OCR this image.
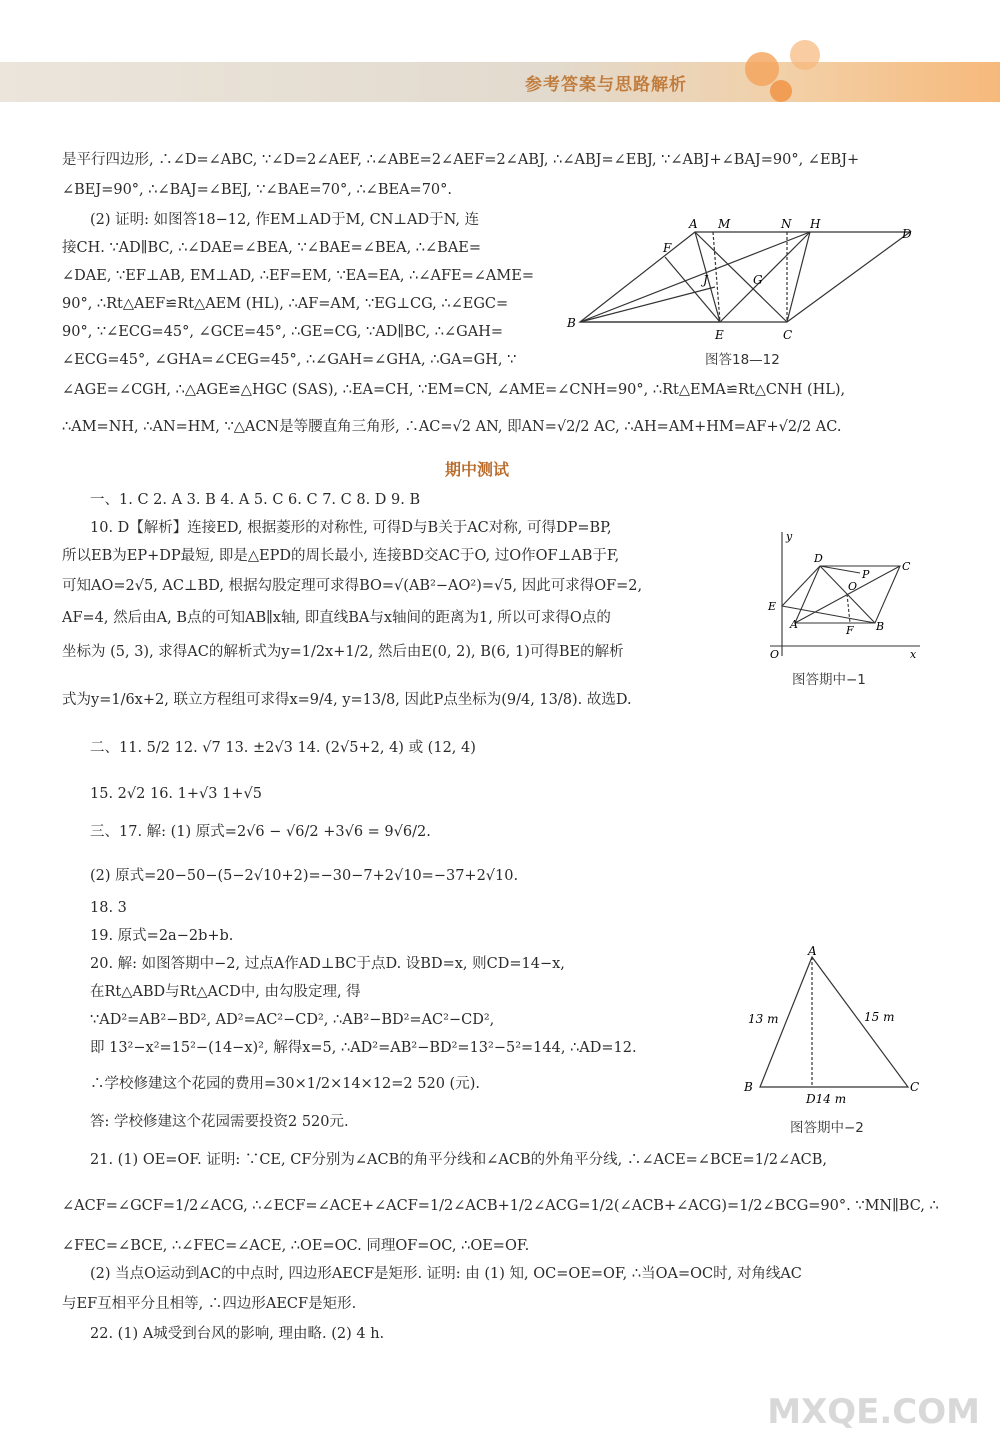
参考答案与思路解析
是平行四边形, ∴∠D=∠ABC, ∵∠D=2∠AEF, ∴∠ABE=2∠AEF=2∠ABJ, ∴∠ABJ=∠EBJ, ∵∠ABJ+∠BAJ=90°, ∠EBJ+
∠BEJ=90°, ∴∠BAJ=∠BEJ, ∵∠BAE=70°, ∴∠BEA=70°.
(2) 证明: 如图答18−12, 作EM⊥AD于M, CN⊥AD于N, 连
接CH. ∵AD∥BC, ∴∠DAE=∠BEA, ∵∠BAE=∠BEA, ∴∠BAE=
∠DAE, ∵EF⊥AB, EM⊥AD, ∴EF=EM, ∵EA=EA, ∴∠AFE=∠AME=
90°, ∴Rt△AEF≌Rt△AEM (HL), ∴AF=AM, ∵EG⊥CG, ∴∠EGC=
90°, ∵∠ECG=45°, ∠GCE=45°, ∴GE=CG, ∵AD∥BC, ∴∠GAH=
∠ECG=45°, ∠GHA=∠CEG=45°, ∴∠GAH=∠GHA, ∴GA=GH, ∵
∠AGE=∠CGH, ∴△AGE≌△HGC (SAS), ∴EA=CH, ∵EM=CN, ∠AME=∠CNH=90°, ∴Rt△EMA≌Rt△CNH (HL),
∴AM=NH, ∴AN=HM, ∵△ACN是等腰直角三角形, ∴AC=√2 AN, 即AN=√2/2 AC, ∴AH=AM+HM=AF+√2/2 AC.
A M	N H
D
F
J	G
B
E	C
图答18—12
期中测试
一、1. C 2. A 3. B 4. A 5. C 6. C 7. C 8. D 9. B
10. D【解析】连接ED, 根据菱形的对称性, 可得D与B关于AC对称, 可得DP=BP,
所以EB为EP+DP最短, 即是△EPD的周长最小, 连接BD交AC于O, 过O作OF⊥AB于F,
可知AO=2√5, AC⊥BD, 根据勾股定理可求得BO=√(AB²−AO²)=√5, 因此可求得OF=2,
AF=4, 然后由A, B点的可知AB∥x轴, 即直线BA与x轴间的距离为1, 所以可求得O点的
坐标为 (5, 3), 求得AC的解析式为y=1/2x+1/2, 然后由E(0, 2), B(6, 1)可得BE的解析
式为y=1/6x+2, 联立方程组可求得x=9/4, y=13/8, 因此P点坐标为(9/4, 13/8). 故选D.
二、11. 5/2 12. √7 13. ±2√3 14. (2√5+2, 4) 或 (12, 4)
15. 2√2 16. 1+√3 1+√5
三、17. 解: (1) 原式=2√6 − √6/2 +3√6 = 9√6/2.
(2) 原式=20−50−(5−2√10+2)=−30−7+2√10=−37+2√10.
18. 3
19. 原式=2a−2b+b.
20. 解: 如图答期中−2, 过点A作AD⊥BC于点D. 设BD=x, 则CD=14−x,
在Rt△ABD与Rt△ACD中, 由勾股定理, 得
∵AD²=AB²−BD², AD²=AC²−CD², ∴AB²−BD²=AC²−CD²,
即 13²−x²=15²−(14−x)², 解得x=5, ∴AD²=AB²−BD²=13²−5²=144, ∴AD=12.
∴学校修建这个花园的费用=30×1/2×14×12=2 520 (元).
答: 学校修建这个花园需要投资2 520元.
21. (1) OE=OF. 证明: ∵CE, CF分别为∠ACB的角平分线和∠ACB的外角平分线, ∴∠ACE=∠BCE=1/2∠ACB,
∠ACF=∠GCF=1/2∠ACG, ∴∠ECF=∠ACE+∠ACF=1/2∠ACB+1/2∠ACG=1/2(∠ACB+∠ACG)=1/2∠BCG=90°. ∵MN∥BC, ∴
∠FEC=∠BCE, ∴∠FEC=∠ACE, ∴OE=OC. 同理OF=OC, ∴OE=OF.
(2) 当点O运动到AC的中点时, 四边形AECF是矩形. 证明: 由 (1) 知, OC=OE=OF, ∴当OA=OC时, 对角线AC
与EF互相平分且相等, ∴四边形AECF是矩形.
22. (1) A城受到台风的影响, 理由略. (2) 4 h.
y
D
C
P
O
E
A	F B
O	x
图答期中−1
A
13 m	15 m
B
D14 m
C
图答期中−2
MXQE.COM
